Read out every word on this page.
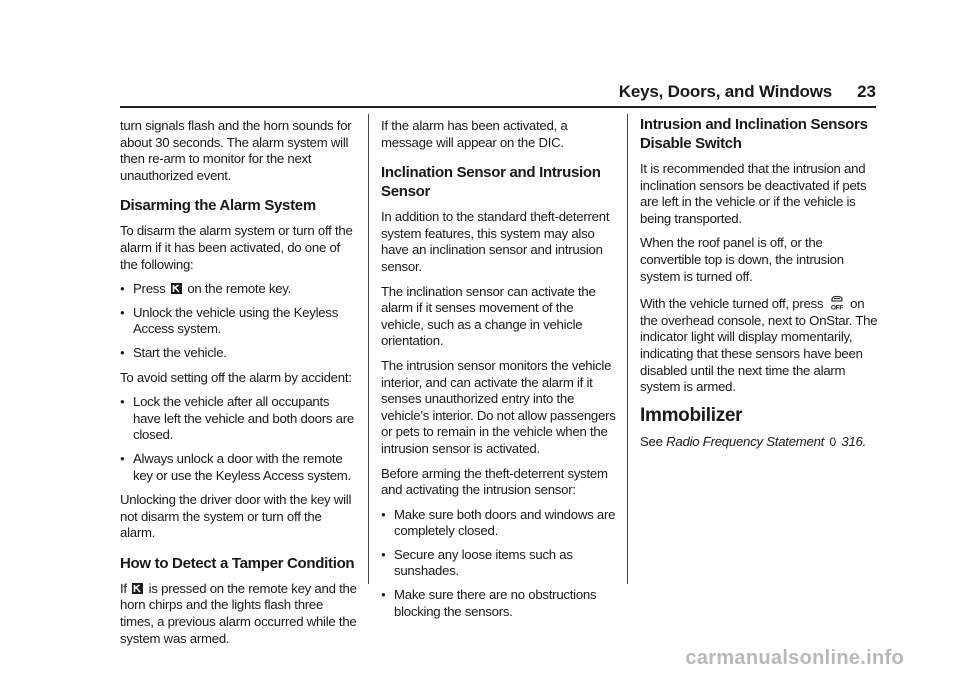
Keys, Doors, and Windows 23

turn signals flash and the horn sounds for about 30 seconds. The alarm system will then re-arm to monitor for the next unauthorized event.

Disarming the Alarm System

To disarm the alarm system or turn off the alarm if it has been activated, do one of the following:

● Press on the remote key.
● Unlock the vehicle using the Keyless Access system.
● Start the vehicle.

To avoid setting off the alarm by accident:

● Lock the vehicle after all occupants have left the vehicle and both doors are closed.
● Always unlock a door with the remote key or use the Keyless Access system.

Unlocking the driver door with the key will not disarm the system or turn off the alarm.

How to Detect a Tamper Condition

If is pressed on the remote key and the horn chirps and the lights flash three times, a previous alarm occurred while the system was armed.

If the alarm has been activated, a message will appear on the DIC.

Inclination Sensor and Intrusion Sensor

In addition to the standard theft-deterrent system features, this system may also have an inclination sensor and intrusion sensor.

The inclination sensor can activate the alarm if it senses movement of the vehicle, such as a change in vehicle orientation.

The intrusion sensor monitors the vehicle interior, and can activate the alarm if it senses unauthorized entry into the vehicle’s interior. Do not allow passengers or pets to remain in the vehicle when the intrusion sensor is activated.

Before arming the theft-deterrent system and activating the intrusion sensor:

● Make sure both doors and windows are completely closed.
● Secure any loose items such as sunshades.
● Make sure there are no obstructions blocking the sensors.
Intrusion and Inclination Sensors Disable Switch

It is recommended that the intrusion and inclination sensors be deactivated if pets are left in the vehicle or if the vehicle is being transported.

When the roof panel is off, or the convertible top is down, the intrusion system is turned off.

With the vehicle turned off, press OFF on the overhead console, next to OnStar. The indicator light will display momentarily, indicating that these sensors have been disabled until the next time the alarm system is armed.

Immobilizer

See Radio Frequency Statement 0 316.

carmanualsonline.info
